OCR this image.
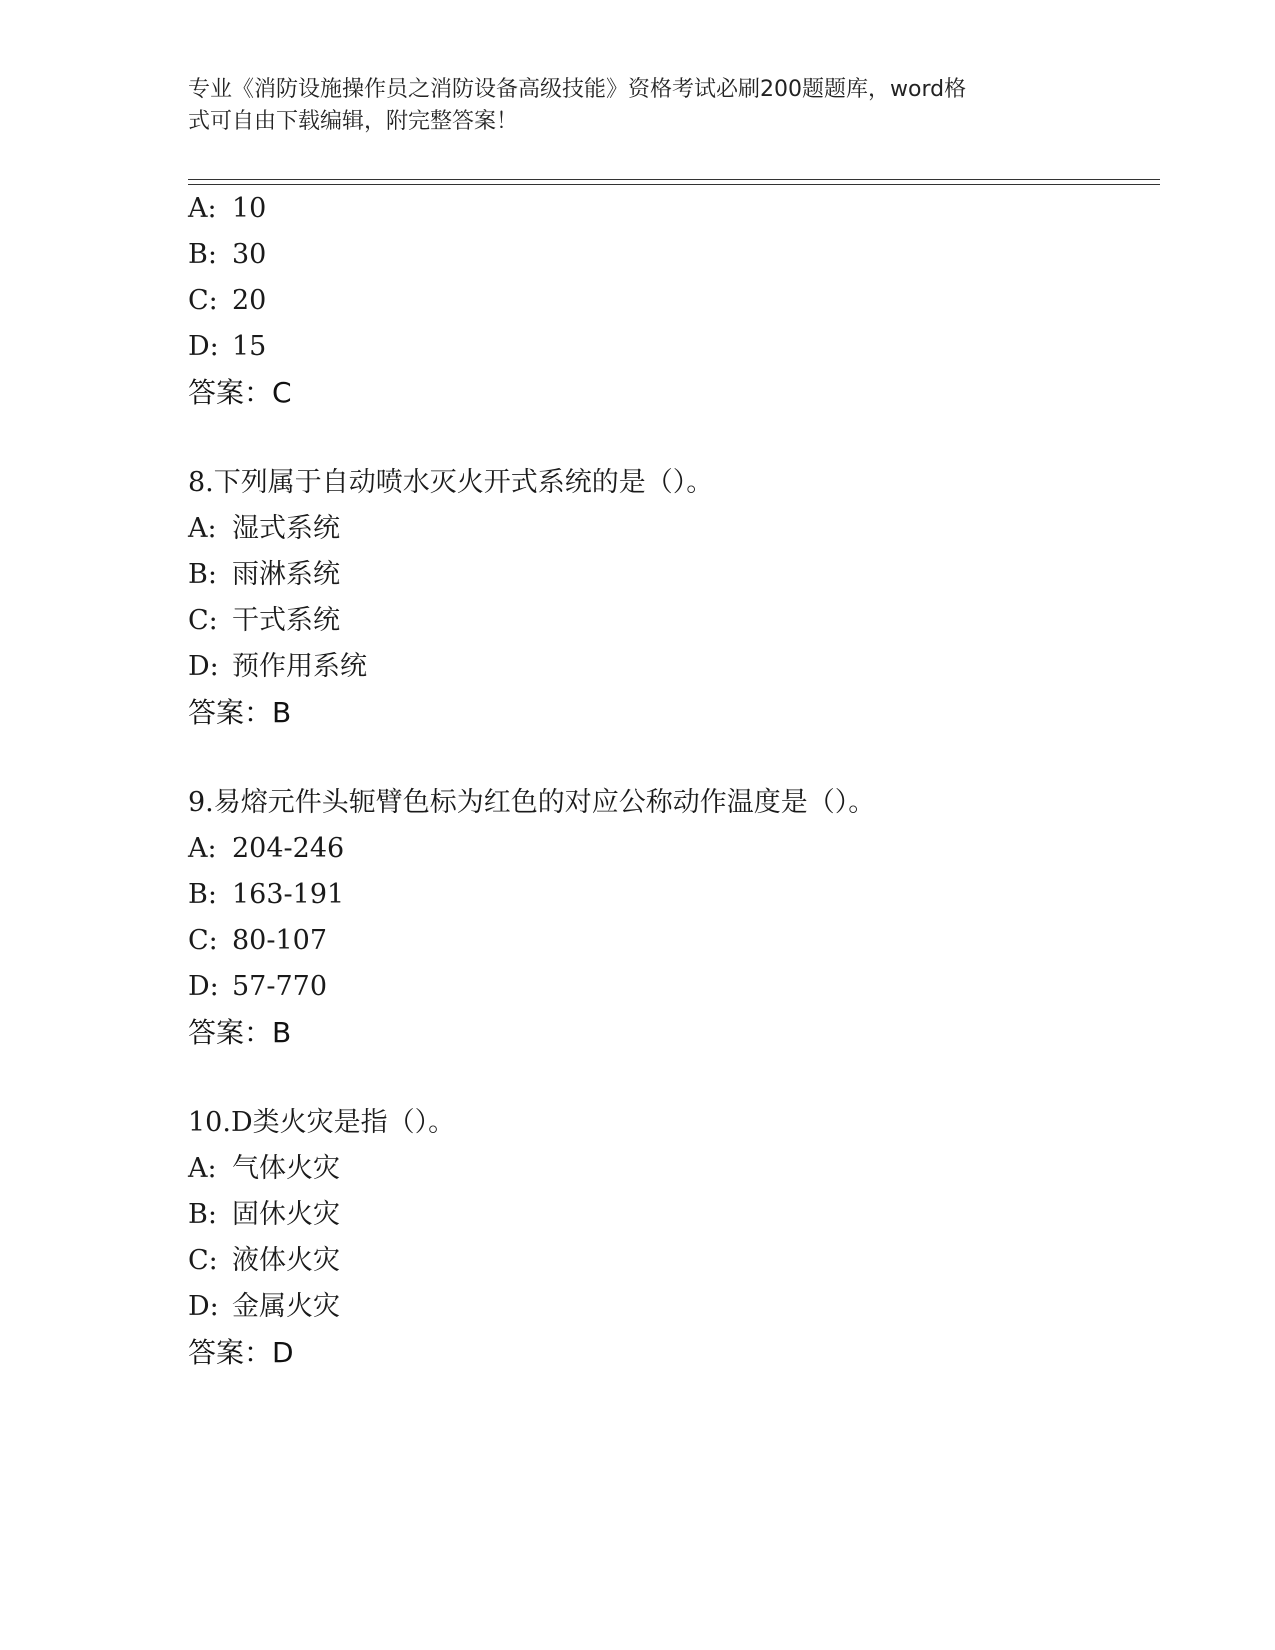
专业《消防设施操作员之消防设备高级技能》资格考试必刷200题题库，word格
式可自由下载编辑，附完整答案！
A: 10
B: 30
C: 20
D: 15
答案：C
8.下列属于自动喷水灭火开式系统的是（）。
A: 湿式系统
B: 雨淋系统
C: 干式系统
D: 预作用系统
答案：B
9.易熔元件头轭臂色标为红色的对应公称动作温度是（）。
A: 204-246
B: 163-191
C: 80-107
D: 57-770
答案：B
10.D类火灾是指（）。
A: 气体火灾
B: 固休火灾
C: 液体火灾
D: 金属火灾
答案：D
